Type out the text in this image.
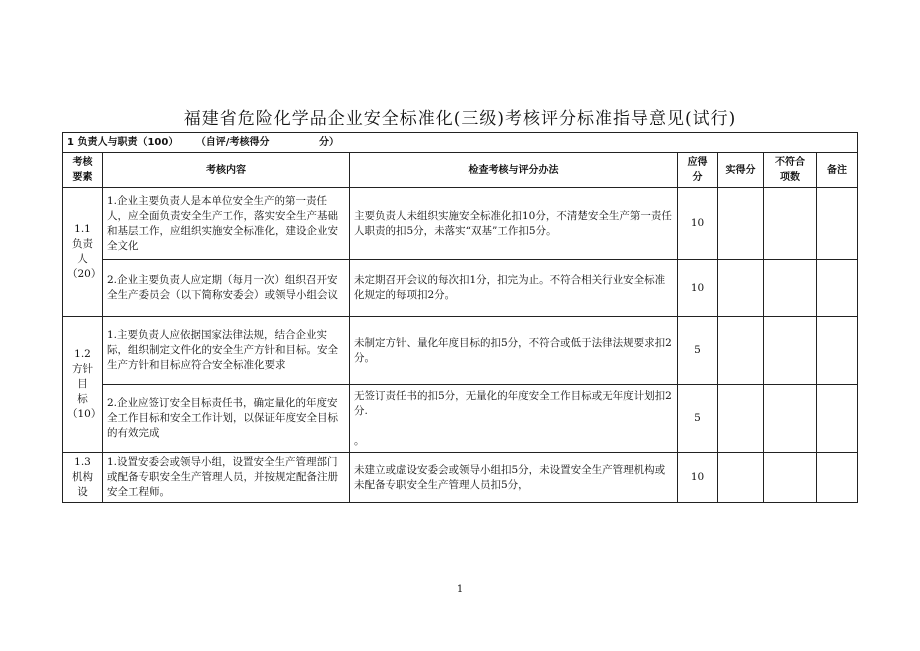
福建省危险化学品企业安全标准化(三级)考核评分标准指导意见(试行)
1 负责人与职责（100） （自评/考核得分 分）						

考核要素	考核内容	检查考核与评分办法	应得分	实得分	不符合项数	备注
1.1
负责人
（20）	1.企业主要负责人是本单位安全生产的第一责任人，应全面负责安全生产工作，落实安全生产基础和基层工作，应组织实施安全标准化，建设企业安全文化	主要负责人未组织实施安全标准化扣10分，不清楚安全生产第一责任人职责的扣5分，未落实“双基”工作扣5分。	10			
	2.企业主要负责人应定期（每月一次）组织召开安全生产委员会（以下简称安委会）或领导小组会议	未定期召开会议的每次扣1分，扣完为止。不符合相关行业安全标准化规定的每项扣2分。	10			
1.2
方针目
标
（10）	1.主要负责人应依据国家法律法规，结合企业实际，组织制定文件化的安全生产方针和目标。安全生产方针和目标应符合安全标准化要求	未制定方针、量化年度目标的扣5分，不符合或低于法律法规要求扣2分。	5			
	2.企业应签订安全目标责任书，确定量化的年度安全工作目标和安全工作计划，以保证年度安全目标的有效完成	无签订责任书的扣5分，无量化的年度安全工作目标或无年度计划扣2分.

。	5			
1.3
机构设	1.设置安委会或领导小组，设置安全生产管理部门或配备专职安全生产管理人员，并按规定配备注册安全工程师。	未建立或虚设安委会或领导小组扣5分，未设置安全生产管理机构或未配备专职安全生产管理人员扣5分，	10			
1
